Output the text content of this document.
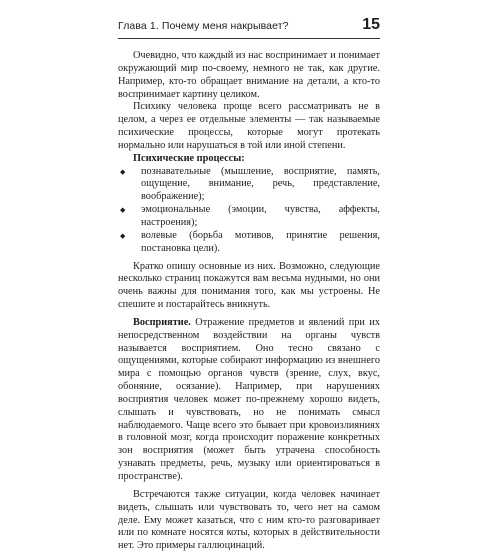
Глава 1. Почему меня накрывает?	15

Очевидно, что каждый из нас воспринимает и понимает окружающий мир по-своему, немного не так, как другие. Например, кто-то обращает внимание на детали, а кто-то воспринимает картину целиком.

Психику человека проще всего рассматривать не в целом, а через ее отдельные элементы — так называемые психические процессы, которые могут протекать нормально или нарушаться в той или иной степени.

Психические процессы:

◆ познавательные (мышление, восприятие, память, ощущение, внимание, речь, представление, воображение);
◆ эмоциональные (эмоции, чувства, аффекты, настроения);
◆ волевые (борьба мотивов, принятие решения, постановка цели).

Кратко опишу основные из них. Возможно, следующие несколько страниц покажутся вам весьма нудными, но они очень важны для понимания того, как мы устроены. Не спешите и постарайтесь вникнуть.

Восприятие. Отражение предметов и явлений при их непосредственном воздействии на органы чувств называется восприятием. Оно тесно связано с ощущениями, которые собирают информацию из внешнего мира с помощью органов чувств (зрение, слух, вкус, обоняние, осязание). Например, при нарушениях восприятия человек может по-прежнему хорошо видеть, слышать и чувствовать, но не понимать смысл наблюдаемого. Чаще всего это бывает при кровоизлияниях в головной мозг, когда происходит поражение конкретных зон восприятия (может быть утрачена способность узнавать предметы, речь, музыку или ориентироваться в пространстве).

Встречаются также ситуации, когда человек начинает видеть, слышать или чувствовать то, чего нет на самом деле. Ему может казаться, что с ним кто-то разговаривает или по комнате носятся коты, которых в действительности нет. Это примеры галлюцинаций.
